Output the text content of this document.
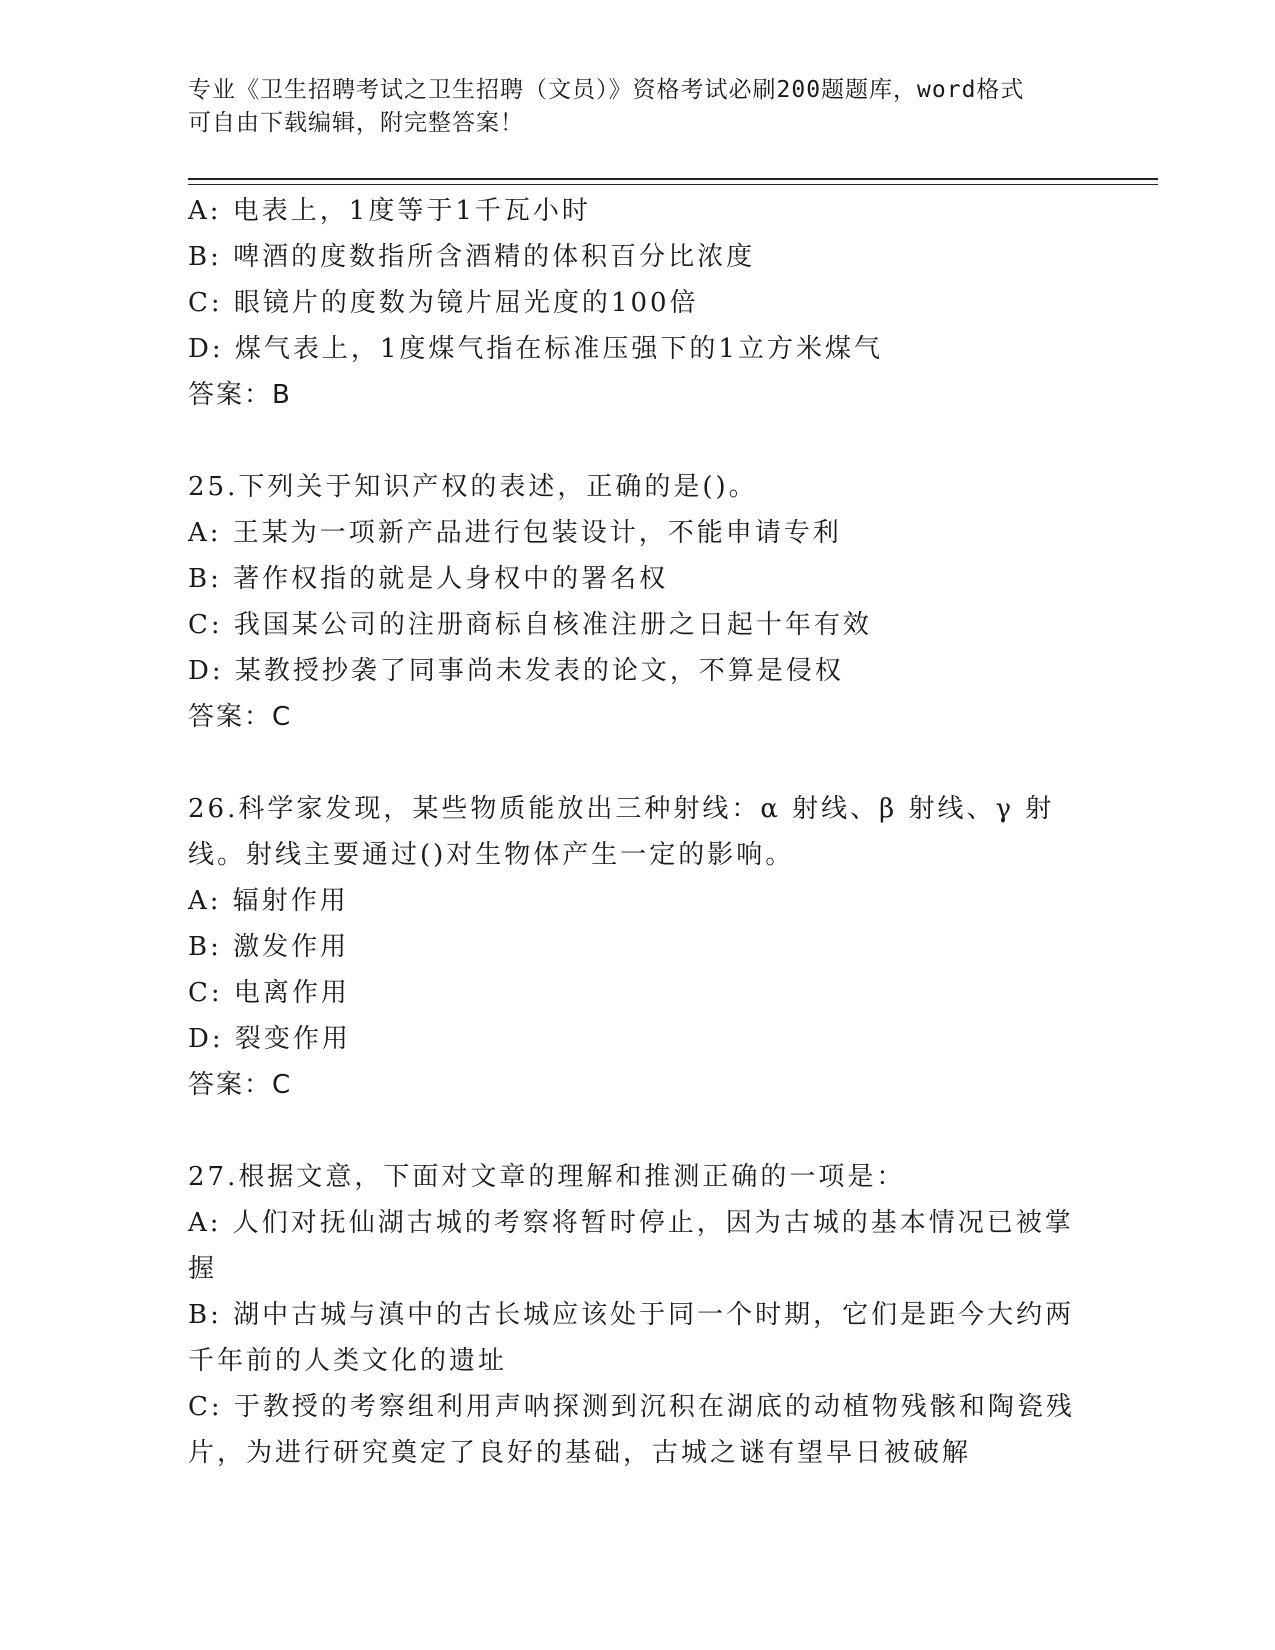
专业《卫生招聘考试之卫生招聘（文员）》资格考试必刷200题题库，word格式
可自由下载编辑，附完整答案！
A: 电表上，1度等于1千瓦小时
B: 啤酒的度数指所含酒精的体积百分比浓度
C: 眼镜片的度数为镜片屈光度的100倍
D: 煤气表上，1度煤气指在标准压强下的1立方米煤气
答案：B
25.下列关于知识产权的表述，正确的是()。
A: 王某为一项新产品进行包装设计，不能申请专利
B: 著作权指的就是人身权中的署名权
C: 我国某公司的注册商标自核准注册之日起十年有效
D: 某教授抄袭了同事尚未发表的论文，不算是侵权
答案：C
26.科学家发现，某些物质能放出三种射线：α 射线、β 射线、γ 射
线。射线主要通过()对生物体产生一定的影响。
A: 辐射作用
B: 激发作用
C: 电离作用
D: 裂变作用
答案：C
27.根据文意，下面对文章的理解和推测正确的一项是：
A: 人们对抚仙湖古城的考察将暂时停止，因为古城的基本情况已被掌
握
B: 湖中古城与滇中的古长城应该处于同一个时期，它们是距今大约两
千年前的人类文化的遗址
C: 于教授的考察组利用声呐探测到沉积在湖底的动植物残骸和陶瓷残
片，为进行研究奠定了良好的基础，古城之谜有望早日被破解
